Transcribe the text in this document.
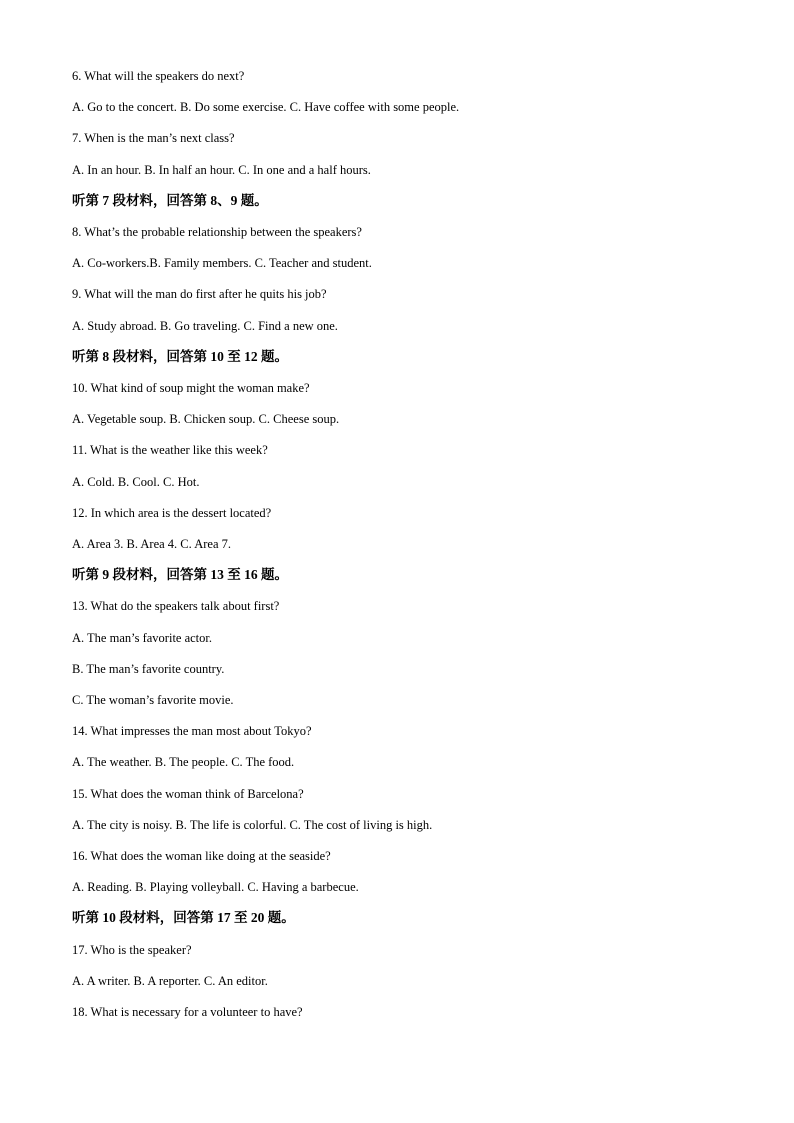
6. What will the speakers do next?
A. Go to the concert. B. Do some exercise. C. Have coffee with some people.
7. When is the man’s next class?
A. In an hour. B. In half an hour. C. In one and a half hours.
听第 7 段材料，回答第 8、9 题。
8. What’s the probable relationship between the speakers?
A. Co-workers.B. Family members. C. Teacher and student.
9. What will the man do first after he quits his job?
A. Study abroad. B. Go traveling. C. Find a new one.
听第 8 段材料，回答第 10 至 12 题。
10. What kind of soup might the woman make?
A. Vegetable soup. B. Chicken soup. C. Cheese soup.
11. What is the weather like this week?
A. Cold. B. Cool. C. Hot.
12. In which area is the dessert located?
A. Area 3. B. Area 4. C. Area 7.
听第 9 段材料，回答第 13 至 16 题。
13. What do the speakers talk about first?
A. The man’s favorite actor.
B. The man’s favorite country.
C. The woman’s favorite movie.
14. What impresses the man most about Tokyo?
A. The weather. B. The people. C. The food.
15. What does the woman think of Barcelona?
A. The city is noisy. B. The life is colorful. C. The cost of living is high.
16. What does the woman like doing at the seaside?
A. Reading. B. Playing volleyball. C. Having a barbecue.
听第 10 段材料，回答第 17 至 20 题。
17. Who is the speaker?
A. A writer. B. A reporter. C. An editor.
18. What is necessary for a volunteer to have?
